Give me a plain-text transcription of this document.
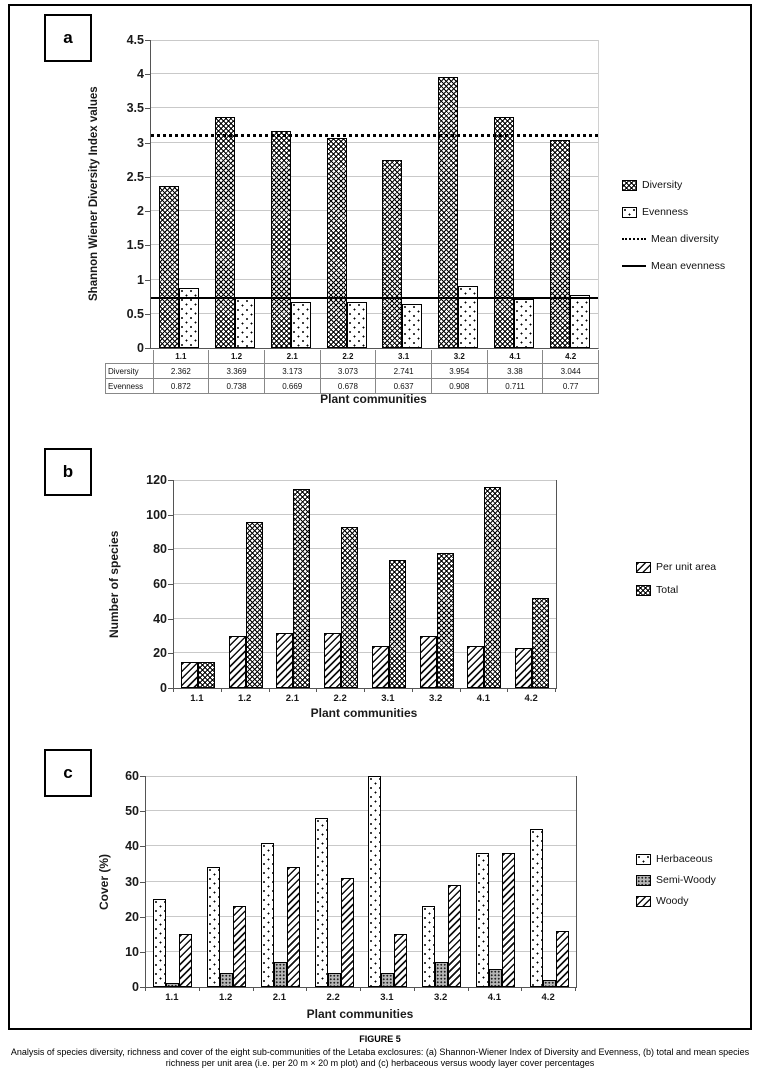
a
Shannon Wiener Diversity Index values
0
0.5
1
1.5
2
2.5
3
3.5
4
4.5
	1.1	1.2	2.1	2.2	3.1	3.2	4.1	4.2
Diversity	2.362	3.369	3.173	3.073	2.741	3.954	3.38	3.044
Evenness	0.872	0.738	0.669	0.678	0.637	0.908	0.711	0.77
Plant communities
Diversity
Evenness
Mean diversity
Mean evenness
b
Number of species
0
20
40
60
80
100
120
1.1	1.2	2.1	2.2	3.1	3.2	4.1	4.2
Plant communities
Per unit area
Total
c
Cover (%)
0
10
20
30
40
50
60
1.1	1.2	2.1	2.2	3.1	3.2	4.1	4.2
Plant communities
Herbaceous
Semi-Woody
Woody
FIGURE 5
Analysis of species diversity, richness and cover of the eight sub-communities of the Letaba exclosures: (a) Shannon-Wiener Index of Diversity and Evenness, (b) total and mean species richness per unit area (i.e. per 20 m × 20 m plot) and (c) herbaceous versus woody layer cover percentages
